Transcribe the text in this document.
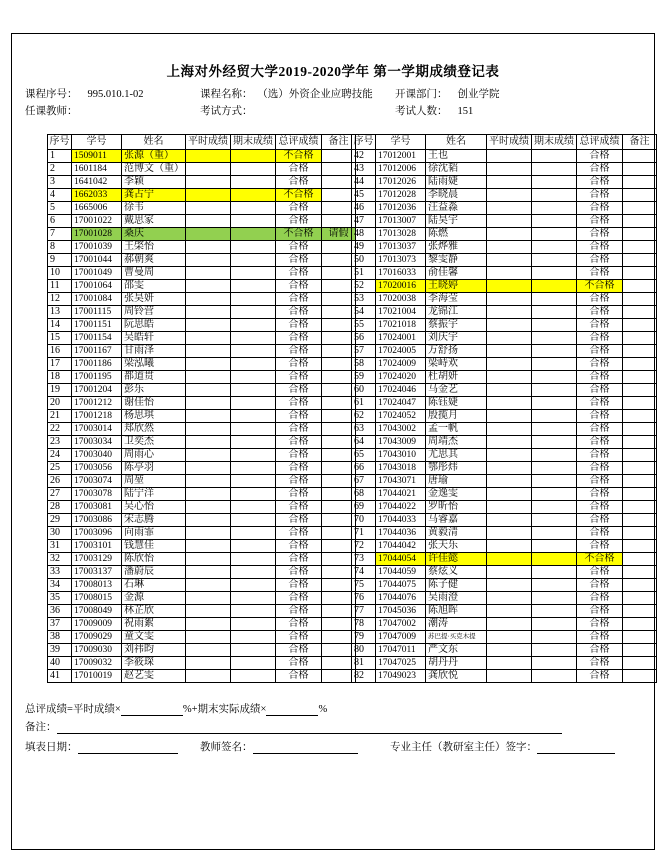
上海对外经贸大学2019-2020学年 第一学期成绩登记表
课程序号： 995.010.1-02	课程名称： （选）外资企业应聘技能 开课部门： 创业学院
任课教师：	考试方式：	考试人数： 151
序号	学号	姓名	平时成绩	期末成绩	总评成绩	备注
1	1509011	张源（重）			不合格	
2	1601184	范博文（重）			合格	
3	1641042	李颖			合格	
4	1662033	龚占宁			不合格	
5	1665006	徐韦			合格	
6	17001022	戴思家			合格	
7	17001028	桑庆			不合格	请假
8	17001039	王棨怡			合格	
9	17001044	郝朝爽			合格	
10	17001049	曹曼周			合格	
11	17001064	邵雯			合格	
12	17001084	张昊妍			合格	
13	17001115	周铃营			合格	
14	17001151	阮思皓			合格	
15	17001154	吴皓轩			合格	
16	17001167	甘雨泽			合格	
17	17001186	梁泓曦			合格	
18	17001195	都道贯			合格	
19	17001204	彭乐			合格	
20	17001212	谢佳怡			合格	
21	17001218	杨思琪			合格	
22	17003014	郑欣然			合格	
23	17003034	卫奕杰			合格	
24	17003040	周雨心			合格	
25	17003056	陈亭羽			合格	
26	17003074	周堃			合格	
27	17003078	陆宁洋			合格	
28	17003081	吴心怡			合格	
29	17003086	宋志腾			合格	
30	17003096	向雨霏			合格	
31	17003101	钱慧佳			合格	
32	17003129	陈欣怡			合格	
33	17003137	潘蔚辰			合格	
34	17008013	石琳			合格	
35	17008015	金源			合格	
36	17008049	林芷欣			合格	
37	17009009	祝雨絮			合格	
38	17009029	童文雯			合格	
39	17009030	刘祎昀			合格	
40	17009032	李筱琛			合格	
41	17010019	赵艺雯			合格	
序号	学号	姓名	平时成绩	期末成绩	总评成绩	备注
42	17012001	王也			合格	
43	17012006	徐沈韬			合格	
44	17012026	陆雨婕			合格	
45	17012028	李晓晨			合格	
46	17012036	汪益淼			合格	
47	17013007	陆昊宇			合格	
48	17013028	陈燃			合格	
49	17013037	张烨雅			合格	
50	17013073	黎雯静			合格	
51	17016033	俞佳馨			合格	
52	17020016	王晓婷			不合格	
53	17020038	李海莹			合格	
54	17021004	龙锦江			合格	
55	17021018	蔡振宇			合格	
56	17024001	刘庆宇			合格	
57	17024005	万舒扬			合格	
58	17024009	梁峙欢			合格	
59	17024020	杜胡妍			合格	
60	17024046	马金艺			合格	
61	17024047	陈钰婕			合格	
62	17024052	殷揽月			合格	
63	17043002	孟一帆			合格	
64	17043009	周靖杰			合格	
65	17043010	尤思其			合格	
66	17043018	鄂彤炜			合格	
67	17043071	唐瑜			合格	
68	17044021	金逸雯			合格	
69	17044022	罗昕怡			合格	
70	17044033	马睿嘉			合格	
71	17044036	黄毅清			合格	
72	17044042	张天乐			合格	
73	17044054	许佳懿			不合格	
74	17044059	蔡炫义			合格	
75	17044075	陈子健			合格	
76	17044076	吴雨澄			合格	
77	17045036	陈旭晖			合格	
78	17047002	潮涛			合格	
79	17047009	苏巴提·买克木提			合格	
80	17047011	严文东			合格	
81	17047025	胡丹丹			合格	
82	17049023	龚欣悦			合格	
总评成绩=平时成绩×	%+期末实际成绩×	%
备注：
填表日期：	教师签名：	专业主任（教研室主任）签字：
